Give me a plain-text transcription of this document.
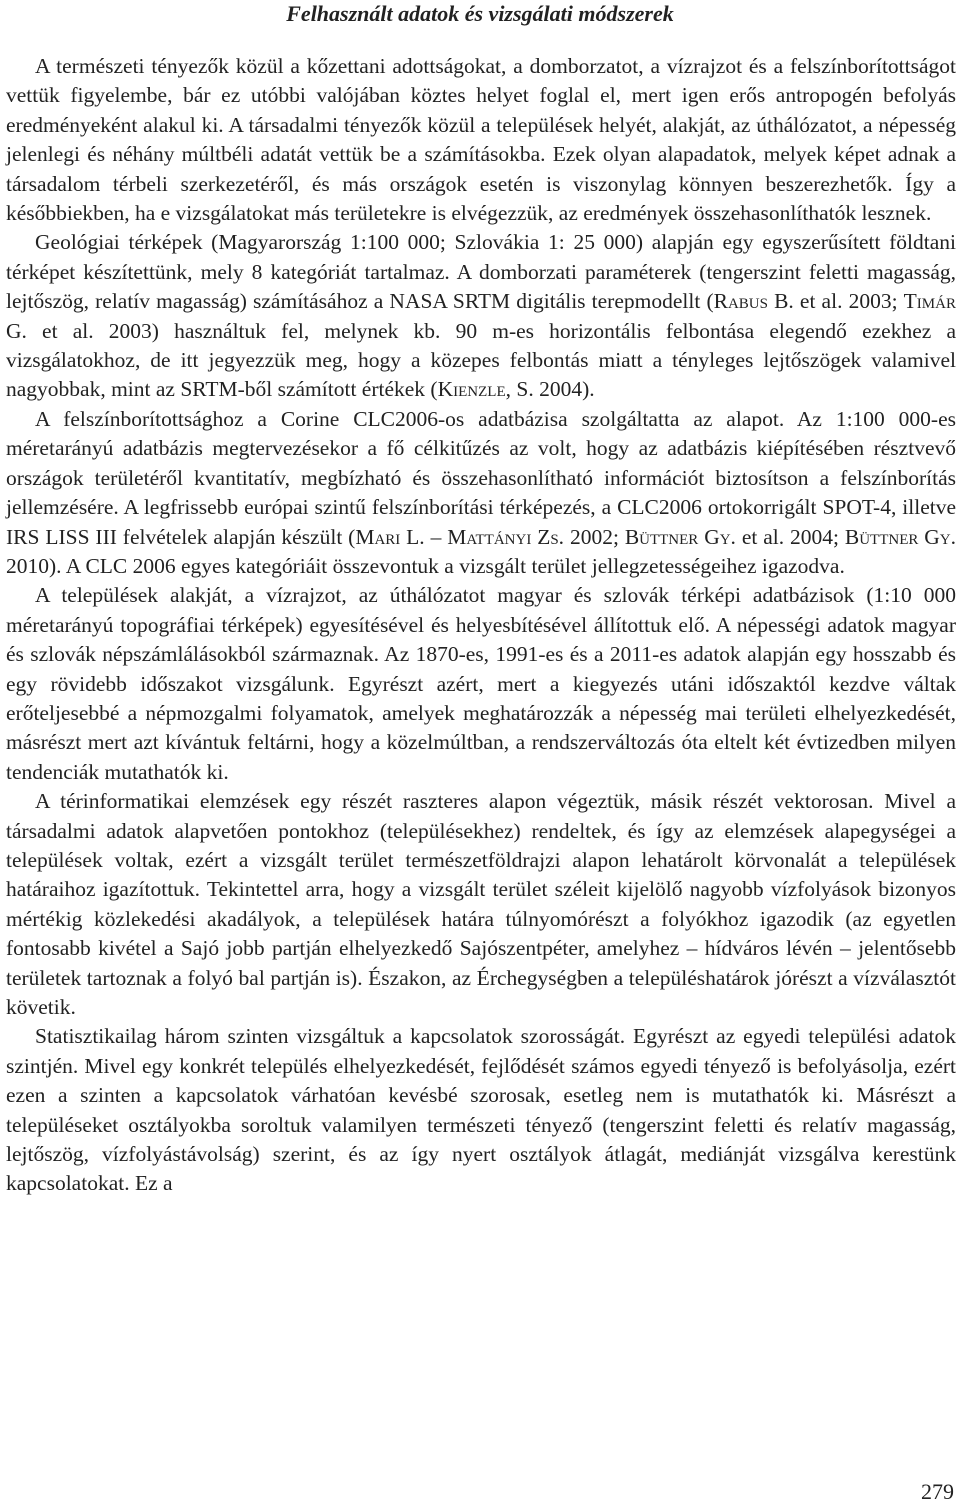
Felhasznált adatok és vizsgálati módszerek

A természeti tényezők közül a kőzettani adottságokat, a domborzatot, a vízrajzot és a felszínborítottságot vettük figyelembe, bár ez utóbbi valójában köztes helyet foglal el, mert igen erős antropogén befolyás eredményeként alakul ki. A társadalmi tényezők közül a települések helyét, alakját, az úthálózatot, a népesség jelenlegi és néhány múltbéli adatát vettük be a számításokba. Ezek olyan alapadatok, melyek képet adnak a társadalom térbeli szerkezetéről, és más országok esetén is viszonylag könnyen beszerezhetők. Így a későbbiekben, ha e vizsgálatokat más területekre is elvégezzük, az eredmények összehasonlíthatók lesznek.

Geológiai térképek (Magyarország 1:100 000; Szlovákia 1: 25 000) alapján egy egyszerűsített földtani térképet készítettünk, mely 8 kategóriát tartalmaz. A domborzati paraméterek (tengerszint feletti magasság, lejtőszög, relatív magasság) számításához a NASA SRTM digitális terepmodellt (Rabus B. et al. 2003; Timár G. et al. 2003) használtuk fel, melynek kb. 90 m-es horizontális felbontása elegendő ezekhez a vizsgálatokhoz, de itt jegyezzük meg, hogy a közepes felbontás miatt a tényleges lejtőszögek valamivel nagyobbak, mint az SRTM-ből számított értékek (Kienzle, S. 2004).

A felszínborítottsághoz a Corine CLC2006-os adatbázisa szolgáltatta az alapot. Az 1:100 000-es méretarányú adatbázis megtervezésekor a fő célkitűzés az volt, hogy az adatbázis kiépítésében résztvevő országok területéről kvantitatív, megbízható és összehasonlítható információt biztosítson a felszínborítás jellemzésére. A legfrissebb európai szintű felszínborítási térképezés, a CLC2006 ortokorrigált SPOT-4, illetve IRS LISS III felvételek alapján készült (Mari L. – Mattányi Zs. 2002; Büttner Gy. et al. 2004; Büttner Gy. 2010). A CLC 2006 egyes kategóriáit összevontuk a vizsgált terület jellegzetességeihez igazodva.

A települések alakját, a vízrajzot, az úthálózatot magyar és szlovák térképi adatbázisok (1:10 000 méretarányú topográfiai térképek) egyesítésével és helyesbítésével állítottuk elő. A népességi adatok magyar és szlovák népszámlálásokból származnak. Az 1870-es, 1991-es és a 2011-es adatok alapján egy hosszabb és egy rövidebb időszakot vizsgálunk. Egyrészt azért, mert a kiegyezés utáni időszaktól kezdve váltak erőteljesebbé a népmozgalmi folyamatok, amelyek meghatározzák a népesség mai területi elhelyezkedését, másrészt mert azt kívántuk feltárni, hogy a közelmúltban, a rendszerváltozás óta eltelt két évtizedben milyen tendenciák mutathatók ki.

A térinformatikai elemzések egy részét raszteres alapon végeztük, másik részét vektorosan. Mivel a társadalmi adatok alapvetően pontokhoz (településekhez) rendeltek, és így az elemzések alapegységei a települések voltak, ezért a vizsgált terület természetföldrajzi alapon lehatárolt körvonalát a települések határaihoz igazítottuk. Tekintettel arra, hogy a vizsgált terület széleit kijelölő nagyobb vízfolyások bizonyos mértékig közlekedési akadályok, a települések határa túlnyomórészt a folyókhoz igazodik (az egyetlen fontosabb kivétel a Sajó jobb partján elhelyezkedő Sajószentpéter, amelyhez – hídváros lévén – jelentősebb területek tartoznak a folyó bal partján is). Északon, az Érchegységben a településhatárok jórészt a vízválasztót követik.

Statisztikailag három szinten vizsgáltuk a kapcsolatok szorosságát. Egyrészt az egyedi települési adatok szintjén. Mivel egy konkrét település elhelyezkedését, fejlődését számos egyedi tényező is befolyásolja, ezért ezen a szinten a kapcsolatok várhatóan kevésbé szorosak, esetleg nem is mutathatók ki. Másrészt a településeket osztályokba soroltuk valamilyen természeti tényező (tengerszint feletti és relatív magasság, lejtőszög, vízfolyástávolság) szerint, és az így nyert osztályok átlagát, mediánját vizsgálva kerestünk kapcsolatokat. Ez a

279
